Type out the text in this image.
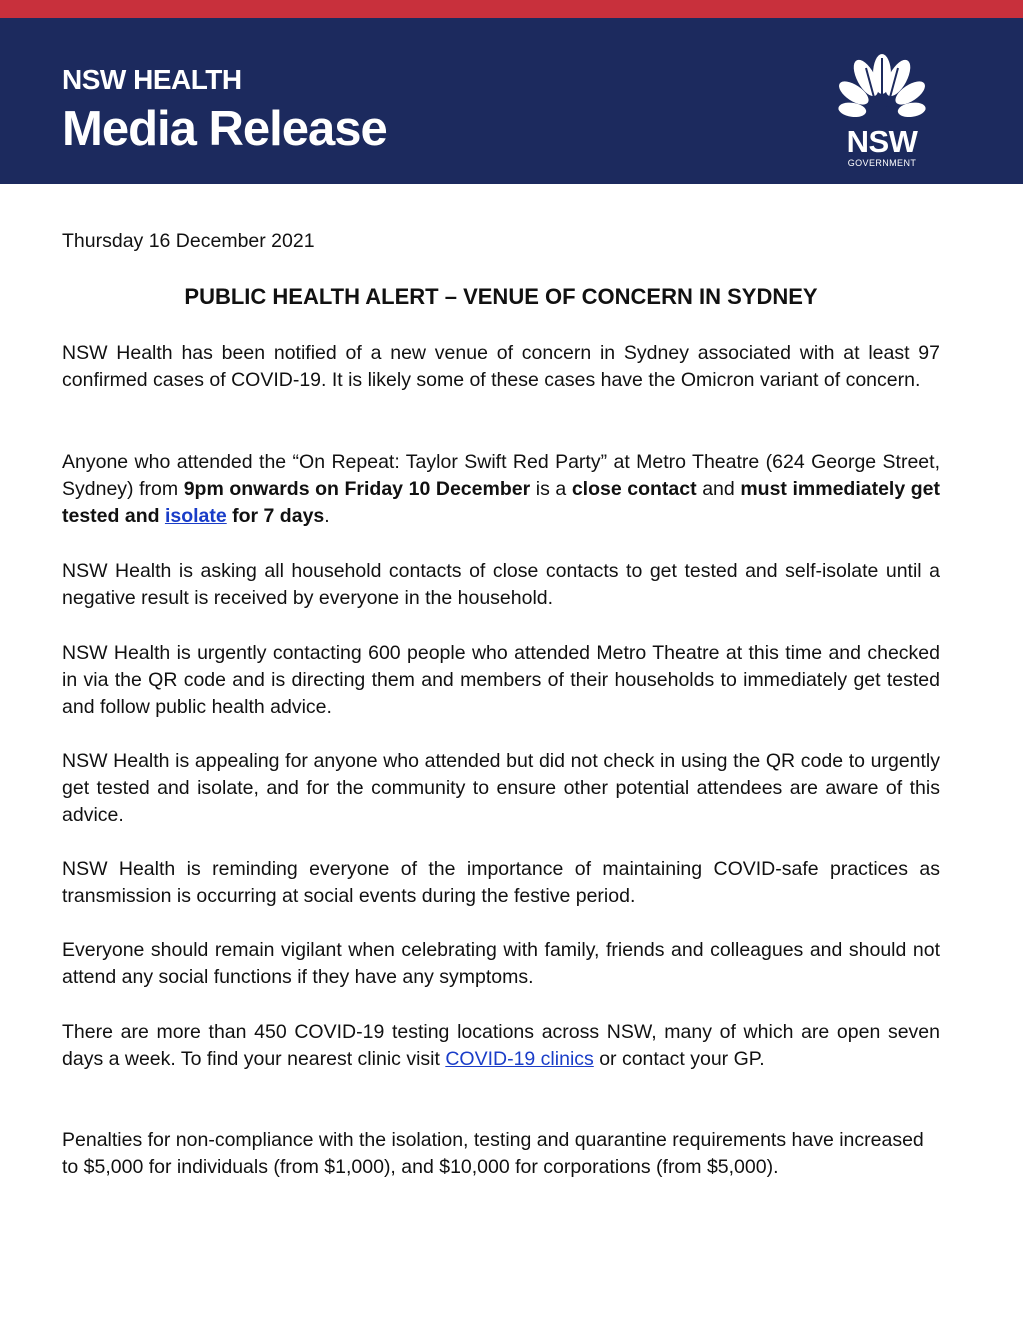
NSW HEALTH
Media Release	NSW
GOVERNMENT
Thursday 16 December 2021
PUBLIC HEALTH ALERT – VENUE OF CONCERN IN SYDNEY

NSW Health has been notified of a new venue of concern in Sydney associated with at least 97 confirmed cases of COVID-19. It is likely some of these cases have the Omicron variant of concern.

Anyone who attended the “On Repeat: Taylor Swift Red Party” at Metro Theatre (624 George Street, Sydney) from 9pm onwards on Friday 10 December is a close contact and must immediately get tested and isolate for 7 days.

NSW Health is asking all household contacts of close contacts to get tested and self-isolate until a negative result is received by everyone in the household.

NSW Health is urgently contacting 600 people who attended Metro Theatre at this time and checked in via the QR code and is directing them and members of their households to immediately get tested and follow public health advice.

NSW Health is appealing for anyone who attended but did not check in using the QR code to urgently get tested and isolate, and for the community to ensure other potential attendees are aware of this advice.

NSW Health is reminding everyone of the importance of maintaining COVID-safe practices as transmission is occurring at social events during the festive period.

Everyone should remain vigilant when celebrating with family, friends and colleagues and should not attend any social functions if they have any symptoms.

There are more than 450 COVID-19 testing locations across NSW, many of which are open seven days a week. To find your nearest clinic visit COVID-19 clinics or contact your GP.

Penalties for non-compliance with the isolation, testing and quarantine requirements have increased to $5,000 for individuals (from $1,000), and $10,000 for corporations (from $5,000).
